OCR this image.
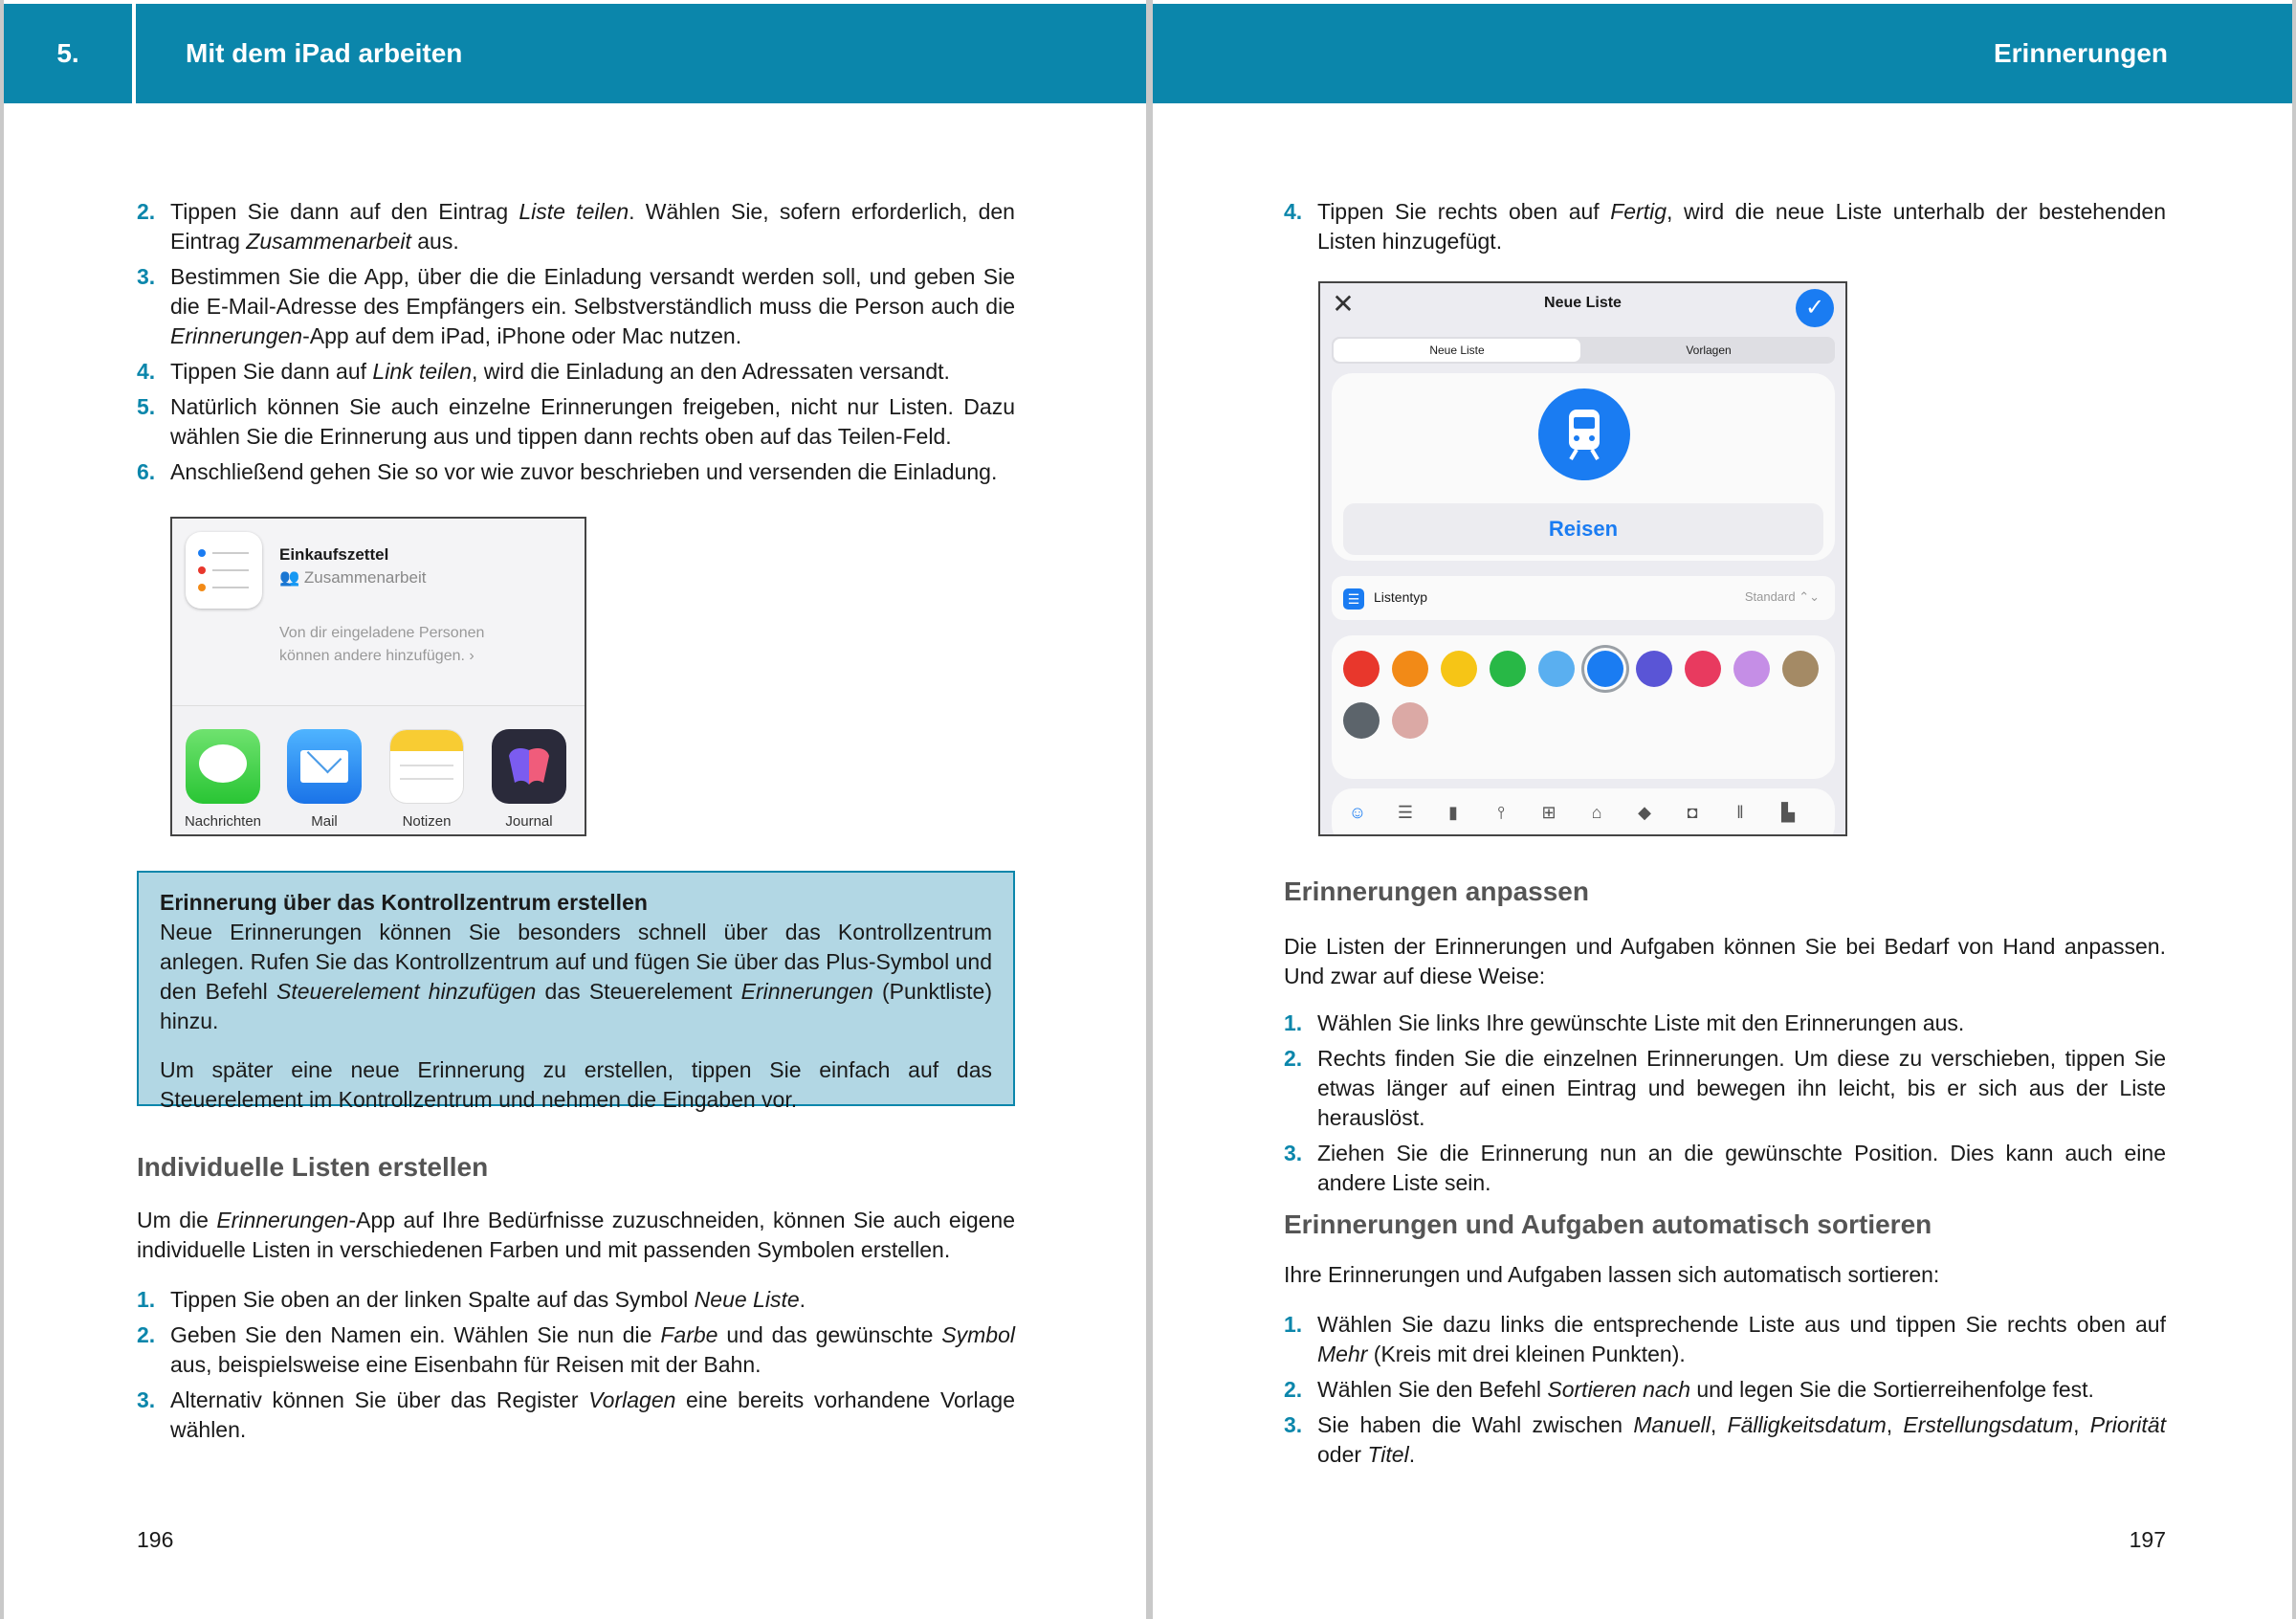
5.	Mit dem iPad arbeiten
2. Tippen Sie dann auf den Eintrag Liste teilen. Wählen Sie, sofern erforderlich, den Eintrag Zusammenarbeit aus.
3. Bestimmen Sie die App, über die die Einladung versandt werden soll, und geben Sie die E-Mail-Adresse des Empfängers ein. Selbstverständlich muss die Person auch die Erinnerungen-App auf dem iPad, iPhone oder Mac nutzen.
4. Tippen Sie dann auf Link teilen, wird die Einladung an den Adressaten versandt.
5. Natürlich können Sie auch einzelne Erinnerungen freigeben, nicht nur Listen. Dazu wählen Sie die Erinnerung aus und tippen dann rechts oben auf das Teilen-Feld.
6. Anschließend gehen Sie so vor wie zuvor beschrieben und versenden die Einladung.
Einkaufszettel
👥 Zusammenarbeit
Von dir eingeladene Personen
können andere hinzufügen. ›
Nachrichten	Mail	Notizen	Journal
Erinnerung über das Kontrollzentrum erstellen

Neue Erinnerungen können Sie besonders schnell über das Kontrollzentrum anlegen. Rufen Sie das Kontrollzentrum auf und fügen Sie über das Plus-Symbol und den Befehl Steuerelement hinzufügen das Steuerelement Erinnerungen (Punktliste) hinzu.

Um später eine neue Erinnerung zu erstellen, tippen Sie einfach auf das Steuerelement im Kontrollzentrum und nehmen die Eingaben vor.

Individuelle Listen erstellen

Um die Erinnerungen-App auf Ihre Bedürfnisse zuzuschneiden, können Sie auch eigene individuelle Listen in verschiedenen Farben und mit passenden Symbolen erstellen.

1. Tippen Sie oben an der linken Spalte auf das Symbol Neue Liste.
2. Geben Sie den Namen ein. Wählen Sie nun die Farbe und das gewünschte Symbol aus, beispielsweise eine Eisenbahn für Reisen mit der Bahn.
3. Alternativ können Sie über das Register Vorlagen eine bereits vorhandene Vorlage wählen.
196
Erinnerungen
4. Tippen Sie rechts oben auf Fertig, wird die neue Liste unterhalb der bestehenden Listen hinzugefügt.
✕	Neue Liste	✓
Neue Liste	Vorlagen
Reisen
☰	Listentyp	Standard ⌃⌄
☺	☰	▮	⫯	⊞	⌂	◆	◘	‖	▙
Erinnerungen anpassen

Die Listen der Erinnerungen und Aufgaben können Sie bei Bedarf von Hand anpassen. Und zwar auf diese Weise:

1. Wählen Sie links Ihre gewünschte Liste mit den Erinnerungen aus.
2. Rechts finden Sie die einzelnen Erinnerungen. Um diese zu verschieben, tippen Sie etwas länger auf einen Eintrag und bewegen ihn leicht, bis er sich aus der Liste herauslöst.
3. Ziehen Sie die Erinnerung nun an die gewünschte Position. Dies kann auch eine andere Liste sein.
Erinnerungen und Aufgaben automatisch sortieren

Ihre Erinnerungen und Aufgaben lassen sich automatisch sortieren:

1. Wählen Sie dazu links die entsprechende Liste aus und tippen Sie rechts oben auf Mehr (Kreis mit drei kleinen Punkten).
2. Wählen Sie den Befehl Sortieren nach und legen Sie die Sortierreihenfolge fest.
3. Sie haben die Wahl zwischen Manuell, Fälligkeitsdatum, Erstellungsdatum, Priorität oder Titel.
197
